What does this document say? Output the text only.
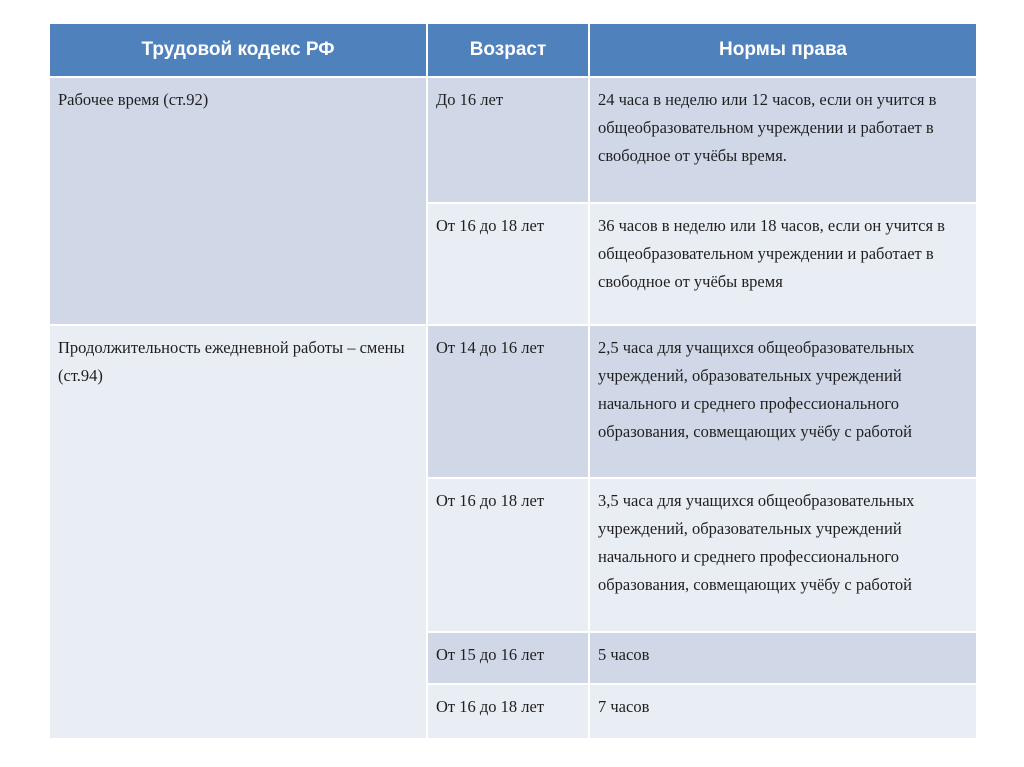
Трудовой кодекс РФ	Возраст	Нормы права

Рабочее время (ст.92)	До 16 лет	24 часа в неделю или 12 часов, если он учится в общеобразовательном учреждении и работает в свободное от учёбы время.

	От 16 до 18 лет	36 часов в неделю или 18 часов, если он учится в общеобразовательном учреждении и работает в свободное от учёбы время

Продолжительность ежедневной работы – смены (ст.94)	От 14 до 16 лет	2,5 часа для учащихся общеобразовательных учреждений, образовательных учреждений начального и среднего профессионального образования, совмещающих учёбу с работой

	От 16 до 18 лет	3,5 часа для учащихся общеобразовательных учреждений, образовательных учреждений начального и среднего профессионального образования, совмещающих учёбу с работой

	От 15 до 16 лет	5 часов

	От 16 до 18 лет	7 часов
